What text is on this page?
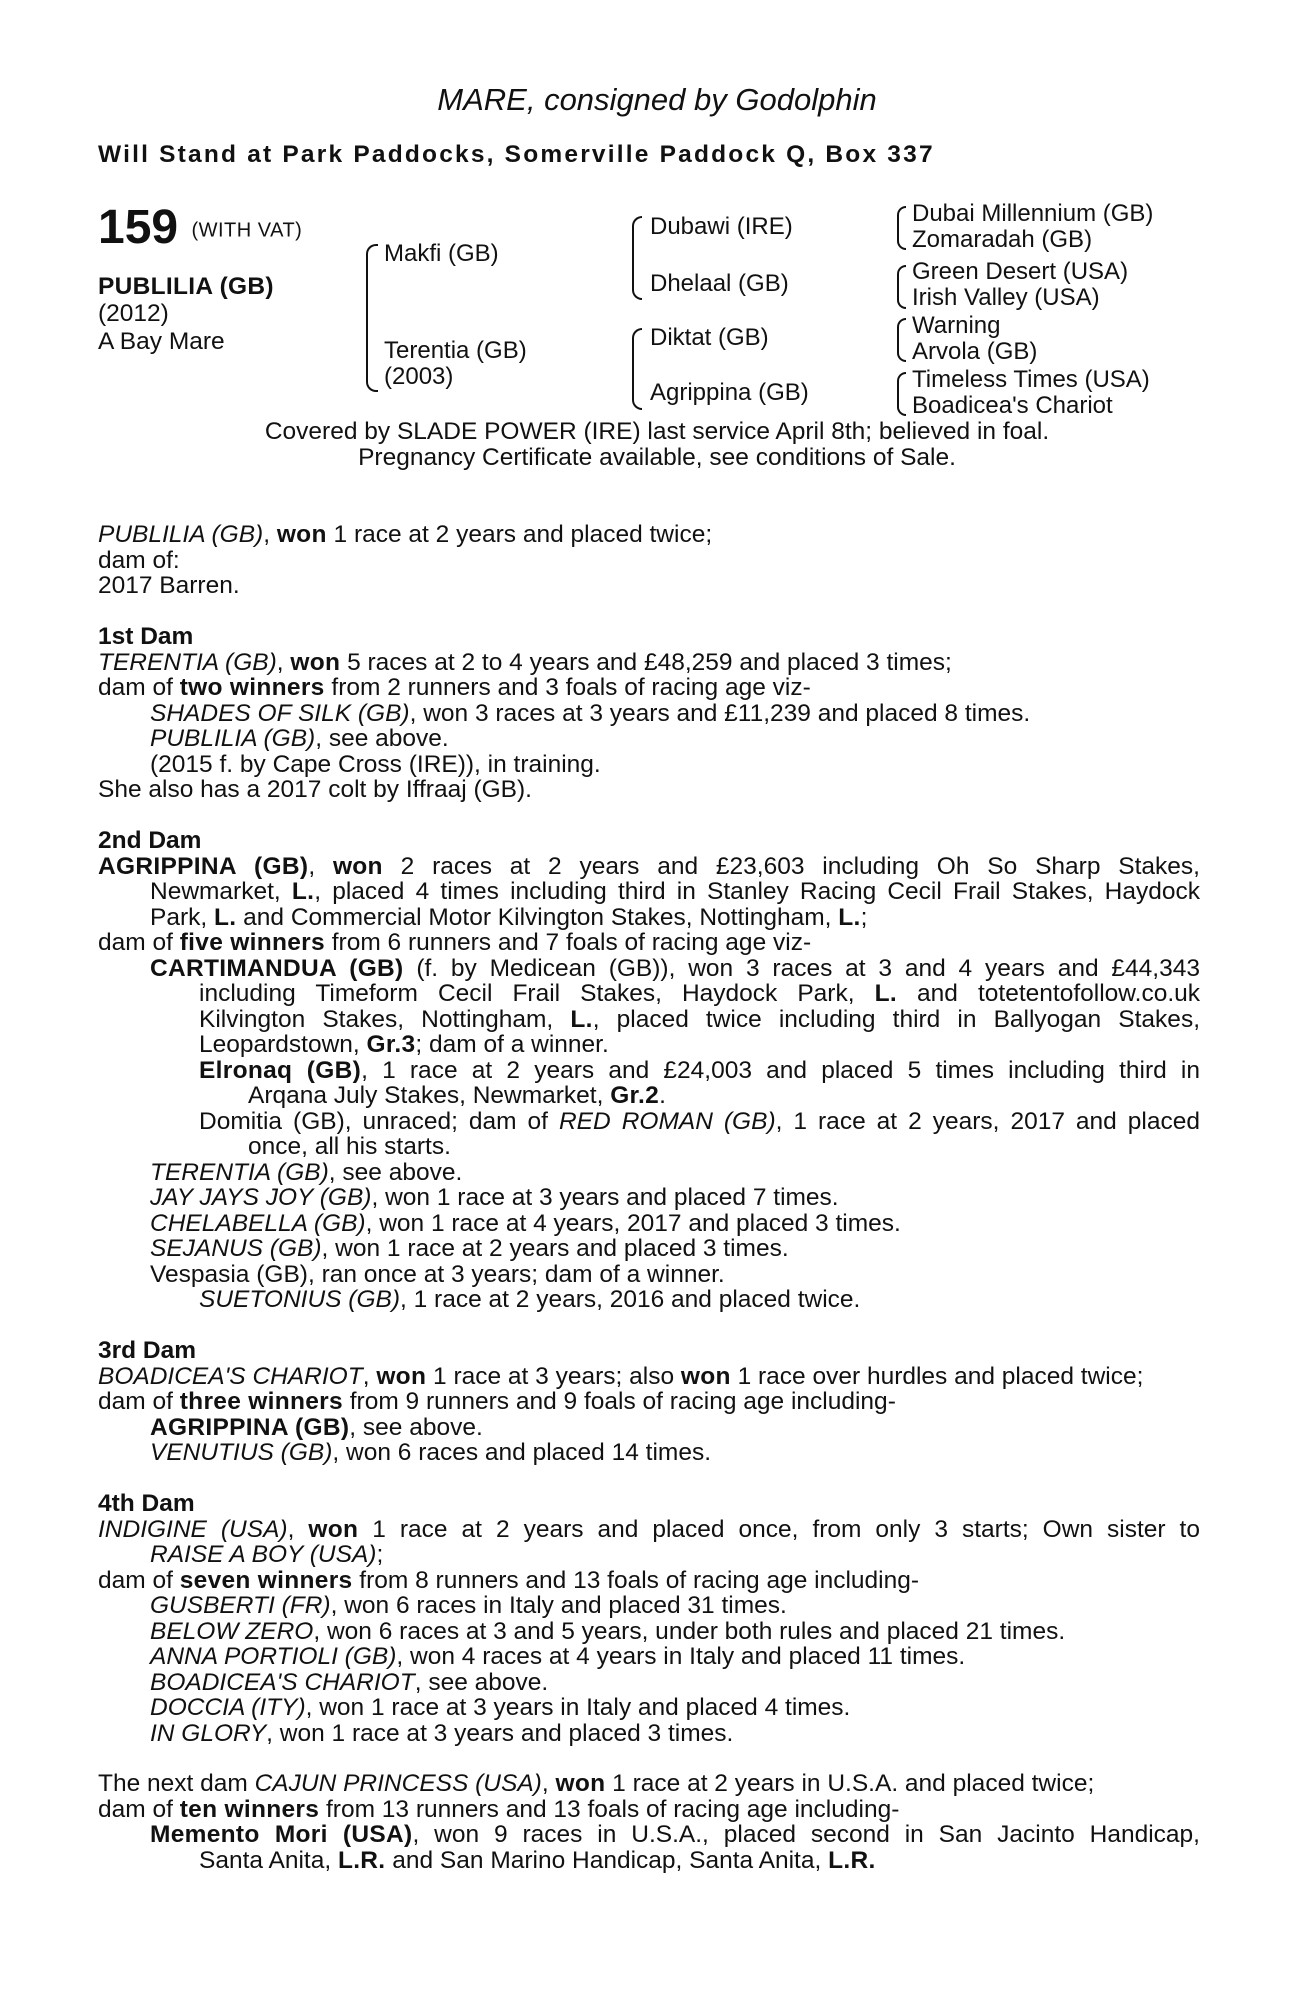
MARE, consigned by Godolphin
Will Stand at Park Paddocks, Somerville Paddock Q, Box 337
159 (WITH VAT)
PUBLILIA (GB)
(2012)
A Bay Mare
Makfi (GB)
Terentia (GB)
(2003)
Dubawi (IRE)
Dhelaal (GB)
Diktat (GB)
Agrippina (GB)
Dubai Millennium (GB)
Zomaradah (GB)
Green Desert (USA)
Irish Valley (USA)
Warning
Arvola (GB)
Timeless Times (USA)
Boadicea's Chariot
Covered by SLADE POWER (IRE) last service April 8th; believed in foal.
Pregnancy Certificate available, see conditions of Sale.
PUBLILIA (GB), won 1 race at 2 years and placed twice;
dam of:
2017 Barren.
1st Dam
TERENTIA (GB), won 5 races at 2 to 4 years and £48,259 and placed 3 times;
dam of two winners from 2 runners and 3 foals of racing age viz-
SHADES OF SILK (GB), won 3 races at 3 years and £11,239 and placed 8 times.
PUBLILIA (GB), see above.
(2015 f. by Cape Cross (IRE)), in training.
She also has a 2017 colt by Iffraaj (GB).
2nd Dam
AGRIPPINA (GB), won 2 races at 2 years and £23,603 including Oh So Sharp Stakes,
Newmarket, L., placed 4 times including third in Stanley Racing Cecil Frail Stakes, Haydock
Park, L. and Commercial Motor Kilvington Stakes, Nottingham, L.;
dam of five winners from 6 runners and 7 foals of racing age viz-
CARTIMANDUA (GB) (f. by Medicean (GB)), won 3 races at 3 and 4 years and £44,343
including Timeform Cecil Frail Stakes, Haydock Park, L. and totetentofollow.co.uk
Kilvington Stakes, Nottingham, L., placed twice including third in Ballyogan Stakes,
Leopardstown, Gr.3; dam of a winner.
Elronaq (GB), 1 race at 2 years and £24,003 and placed 5 times including third in
Arqana July Stakes, Newmarket, Gr.2.
Domitia (GB), unraced; dam of RED ROMAN (GB), 1 race at 2 years, 2017 and placed
once, all his starts.
TERENTIA (GB), see above.
JAY JAYS JOY (GB), won 1 race at 3 years and placed 7 times.
CHELABELLA (GB), won 1 race at 4 years, 2017 and placed 3 times.
SEJANUS (GB), won 1 race at 2 years and placed 3 times.
Vespasia (GB), ran once at 3 years; dam of a winner.
SUETONIUS (GB), 1 race at 2 years, 2016 and placed twice.
3rd Dam
BOADICEA'S CHARIOT, won 1 race at 3 years; also won 1 race over hurdles and placed twice;
dam of three winners from 9 runners and 9 foals of racing age including-
AGRIPPINA (GB), see above.
VENUTIUS (GB), won 6 races and placed 14 times.
4th Dam
INDIGINE (USA), won 1 race at 2 years and placed once, from only 3 starts; Own sister to
RAISE A BOY (USA);
dam of seven winners from 8 runners and 13 foals of racing age including-
GUSBERTI (FR), won 6 races in Italy and placed 31 times.
BELOW ZERO, won 6 races at 3 and 5 years, under both rules and placed 21 times.
ANNA PORTIOLI (GB), won 4 races at 4 years in Italy and placed 11 times.
BOADICEA'S CHARIOT, see above.
DOCCIA (ITY), won 1 race at 3 years in Italy and placed 4 times.
IN GLORY, won 1 race at 3 years and placed 3 times.
The next dam CAJUN PRINCESS (USA), won 1 race at 2 years in U.S.A. and placed twice;
dam of ten winners from 13 runners and 13 foals of racing age including-
Memento Mori (USA), won 9 races in U.S.A., placed second in San Jacinto Handicap,
Santa Anita, L.R. and San Marino Handicap, Santa Anita, L.R.
